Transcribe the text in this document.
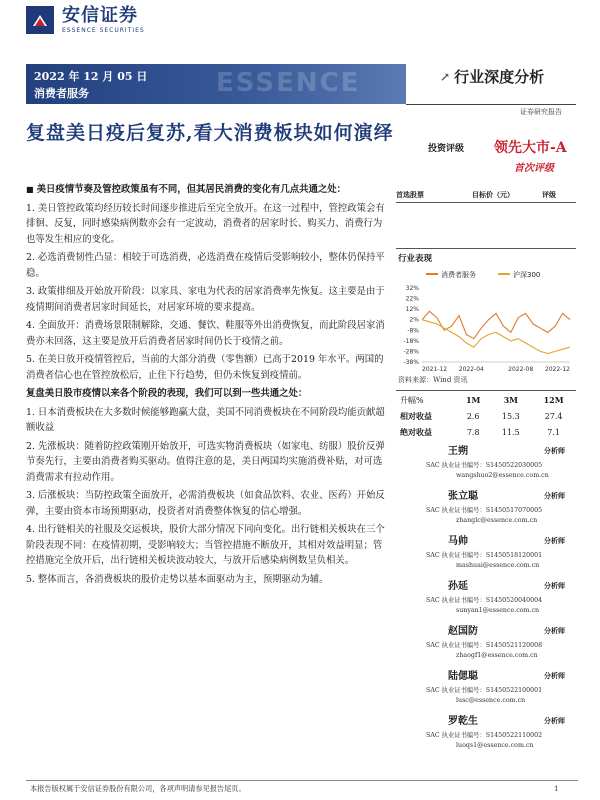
安信证券
ESSENCE SECURITIES
2022 年 12 月 05 日
消费者服务	ESSENCE	↗ 行业深度分析
证券研究报告
复盘美日疫后复苏,看大消费板块如何演绎
投资评级 领先大市-A
首次评级
■ 美日疫情节奏及管控政策虽有不同，但其居民消费的变化有几点共通之处：
1. 美日管控政策均经历较长时间逐步推进后至完全放开。在这一过程中，管控政策会有排徊、反复，同时感染病例数亦会有一定波动，消费者的居家时长、购买力、消费行为也等发生相应的变化。
2. 必选消费韧性凸显：相较于可选消费，必选消费在疫情后受影响较小，整体仍保持平稳。
3. 政策排细及开始放开阶段：以家具、家电为代表的居家消费率先恢复。这主要是由于疫情期间消费者居家时间延长，对居家环境的要求提高。
4. 全面放开：消费场景限制解除，交通、餐饮、鞋服等外出消费恢复，而此阶段居家消费亦未回落，这主要是放开后消费者居家时间仍长于疫情之前。
5. 在美日放开疫情管控后，当前的大部分消费（零售额）已高于2019 年水平。两国的消费者信心也在管控放松后，止住下行趋势，但仍未恢复到疫情前。
复盘美日股市疫情以来各个阶段的表现，我们可以到一些共通之处：
1. 日本消费板块在大多数时候能够跑赢大盘，美国不同消费板块在不同阶段均能贡献超额收益
2. 先涨板块：随着防控政策刚开始放开，可选实物消费板块（如家电、纺服）股价反弹节奏先行，主要由消费者购买驱动。值得注意的是，美日两国均实施消费补贴，对可选消费需求有拉动作用。
3. 后涨板块：当防控政策全面放开，必需消费板块（如食品饮料、农业、医药）开始反弹，主要由资本市场预期驱动，投资者对消费整体恢复的信心增强。
4. 出行链相关的社服及交运板块，股价大部分情况下同向变化。出行链相关板块在三个阶段表现不同：在疫情初期，受影响较大；当管控措施不断放开，其相对效益明显；管控措施完全放开后，出行链相关板块波动较大，与放开后感染病例数呈负相关。
5. 整体而言，各消费板块的股价走势以基本面驱动为主，预期驱动为辅。
首选股票	目标价（元）	评级
行业表现
消费者服务	沪深300
32%
22%
12%
2%
-8%
-18%
-28%
-38%
2021-12 2022-04	2022-08 2022-12
资料来源：Wind 资讯
升幅%	1M	3M	12M
相对收益	2.6	15.3	27.4
绝对收益	7.8	11.5	7.1
王朔	分析师
SAC 执业证书编号：S1450522030005
wangshuo2@essence.com.cn
张立聪	分析师
SAC 执业证书编号：S1450517070005
zhanglc@essence.com.cn
马帅	分析师
SAC 执业证书编号：S1450518120001
mashuai@essence.com.cn
孙延	分析师
SAC 执业证书编号：S1450520040004
sunyan1@essence.com.cn
赵国防	分析师
SAC 执业证书编号：S1450521120008
zhaogf1@essence.com.cn
陆偲聪	分析师
SAC 执业证书编号：S1450522100001
lusc@essence.com.cn
罗乾生	分析师
SAC 执业证书编号：S1450522110002
luoqs1@essence.com.cn
本报告版权属于安信证券股份有限公司，各项声明请参见报告尾页。	1
